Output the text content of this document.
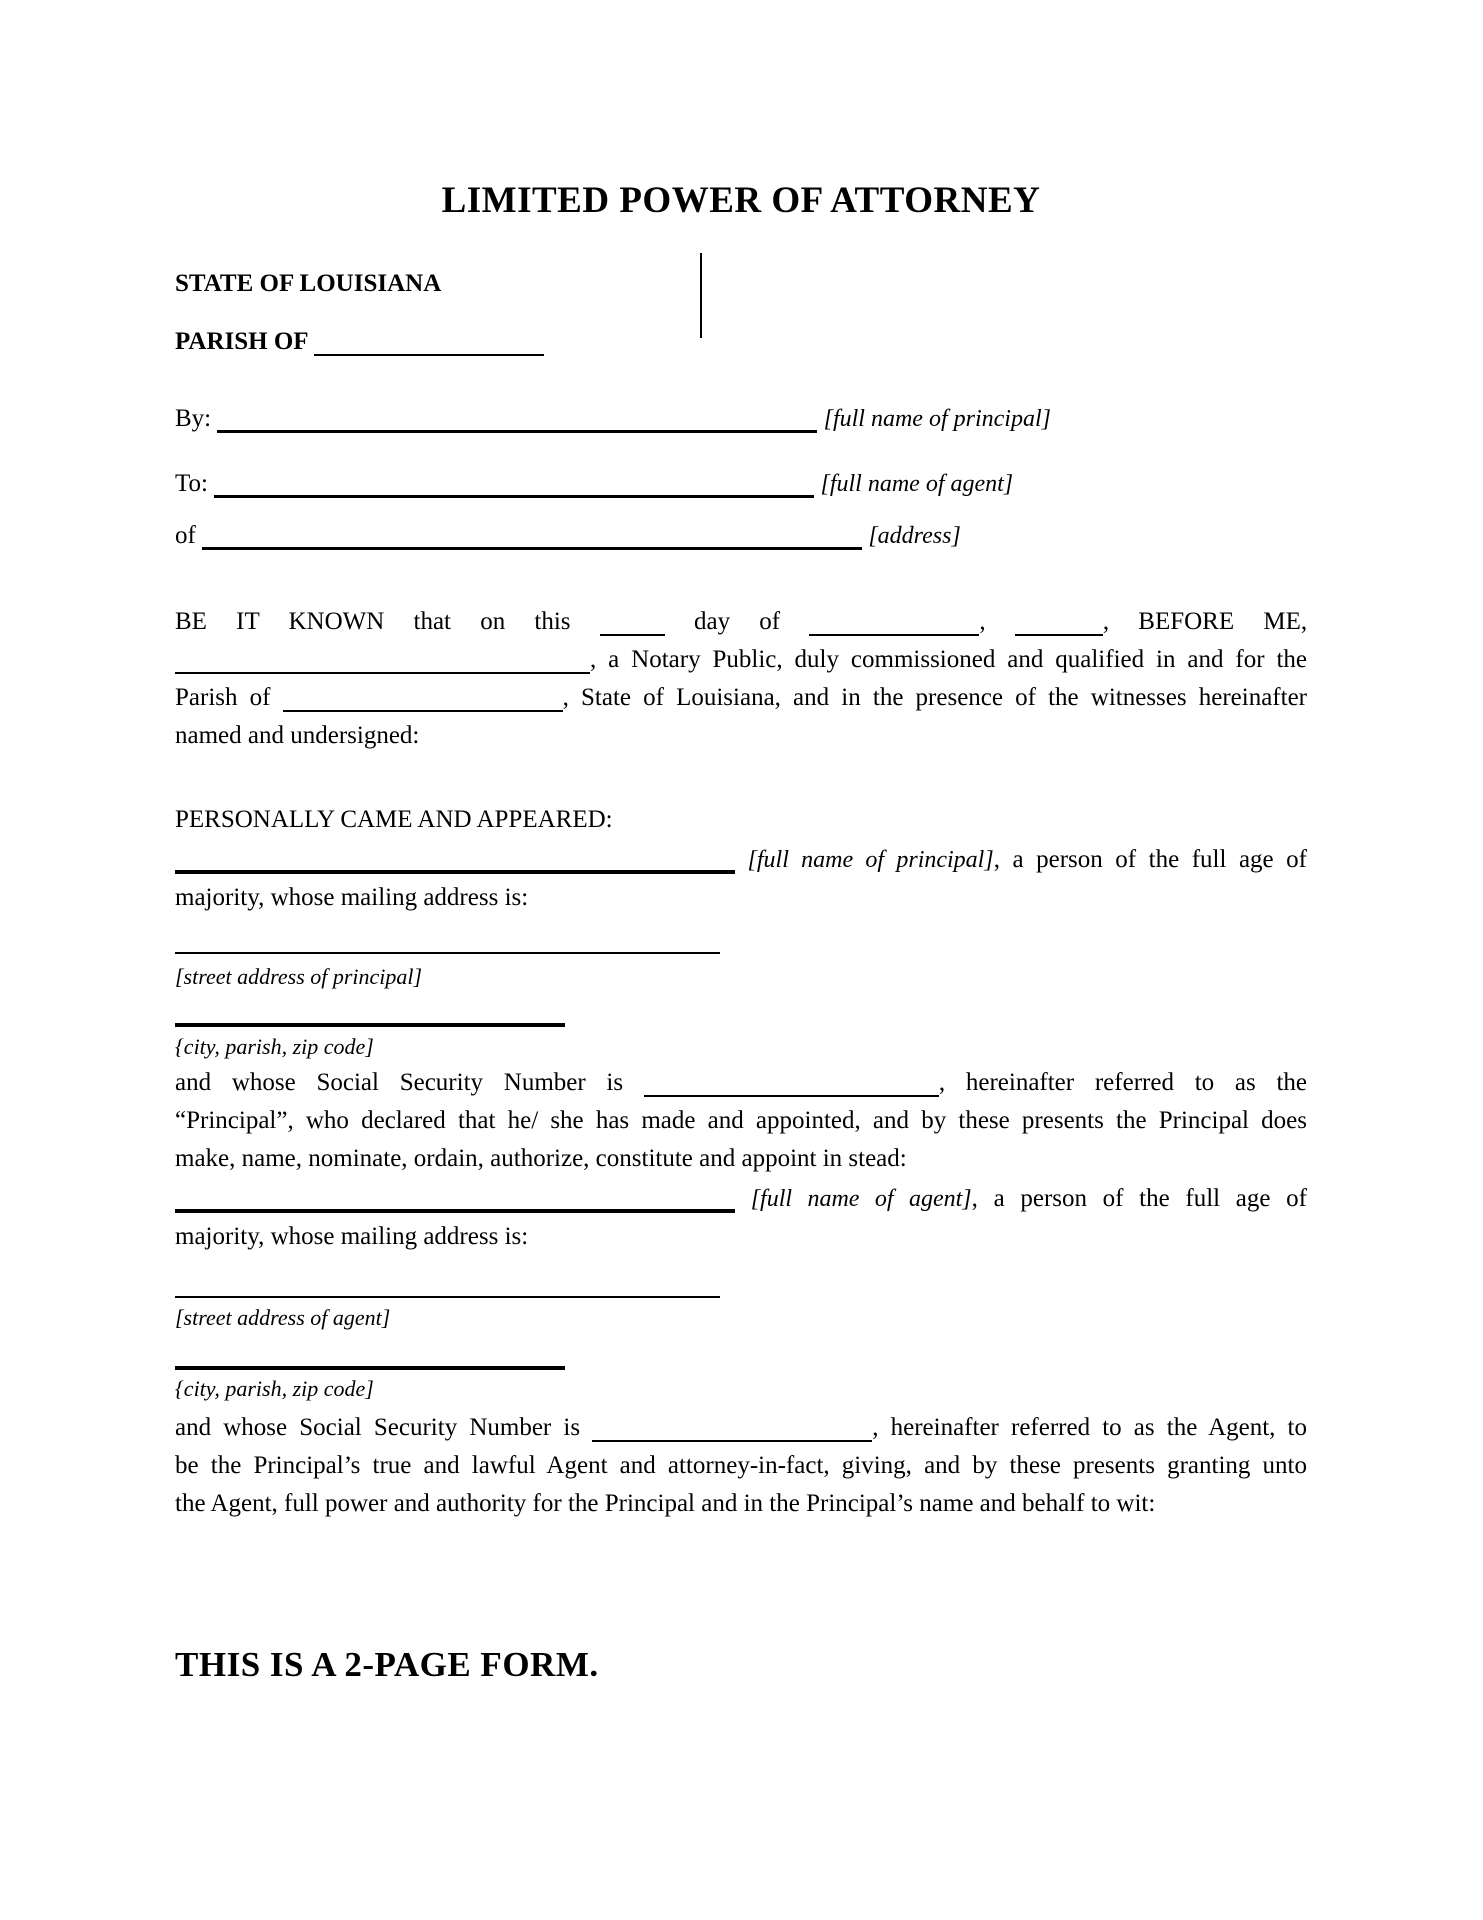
LIMITED POWER OF ATTORNEY
STATE OF LOUISIANA
PARISH OF
By:	[full name of principal]
To:	[full name of agent]
of	[address]
BE IT KNOWN that on this	day of	,	, BEFORE ME,
, a Notary Public, duly commissioned and qualified in and for the
Parish of	, State of Louisiana, and in the presence of the witnesses hereinafter
named and undersigned:
PERSONALLY CAME AND APPEARED:
[full name of principal], a person of the full age of
majority, whose mailing address is:
[street address of principal]
{city, parish, zip code]
and whose Social Security Number is	, hereinafter referred to as the
“Principal”, who declared that he/ she has made and appointed, and by these presents the Principal does
make, name, nominate, ordain, authorize, constitute and appoint in stead:
[full name of agent], a person of the full age of
majority, whose mailing address is:
[street address of agent]
{city, parish, zip code]
and whose Social Security Number is	, hereinafter referred to as the Agent, to
be the Principal’s true and lawful Agent and attorney-in-fact, giving, and by these presents granting unto
the Agent, full power and authority for the Principal and in the Principal’s name and behalf to wit:
THIS IS A 2-PAGE FORM.
